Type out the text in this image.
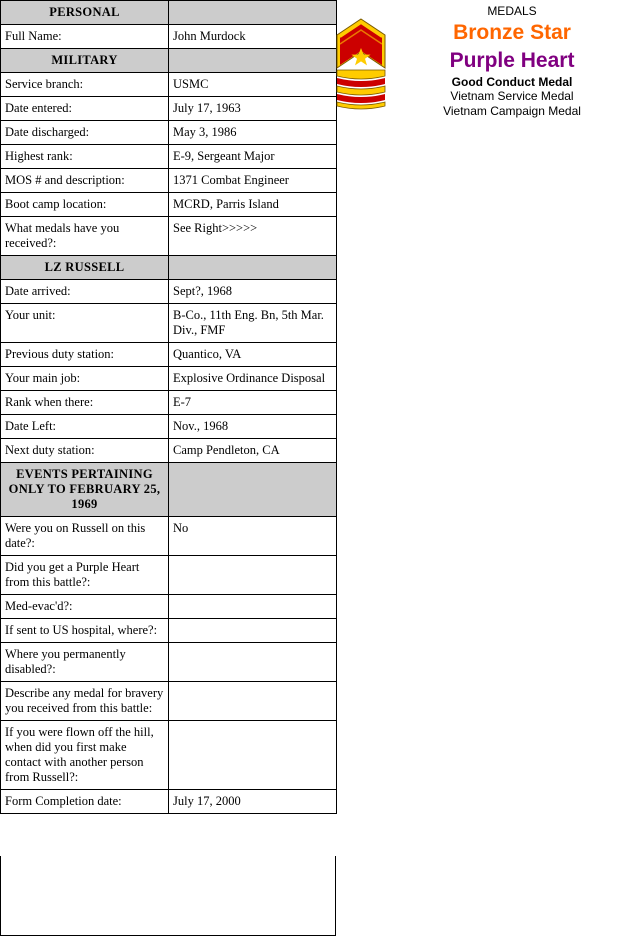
PERSONAL	
Full Name:	John Murdock
MILITARY	
Service branch:	USMC
Date entered:	July 17, 1963
Date discharged:	May 3, 1986
Highest rank:	E-9, Sergeant Major
MOS # and description:	1371 Combat Engineer
Boot camp location:	MCRD, Parris Island
What medals have you received?:	See Right>>>>>
LZ RUSSELL	
Date arrived:	Sept?, 1968
Your unit:	B-Co., 11th Eng. Bn, 5th Mar. Div., FMF
Previous duty station:	Quantico, VA
Your main job:	Explosive Ordinance Disposal
Rank when there:	E-7
Date Left:	Nov., 1968
Next duty station:	Camp Pendleton, CA
EVENTS PERTAINING ONLY TO FEBRUARY 25, 1969	
Were you on Russell on this date?:	No
Did you get a Purple Heart from this battle?:	
Med-evac'd?:	
If sent to US hospital, where?:	
Where you permanently disabled?:	
Describe any medal for bravery you received from this battle:	
If you were flown off the hill, when did you first make contact with another person from Russell?:	
Form Completion date:	July 17, 2000
MEDALS
Bronze Star
Purple Heart
Good Conduct Medal
Vietnam Service Medal
Vietnam Campaign Medal
